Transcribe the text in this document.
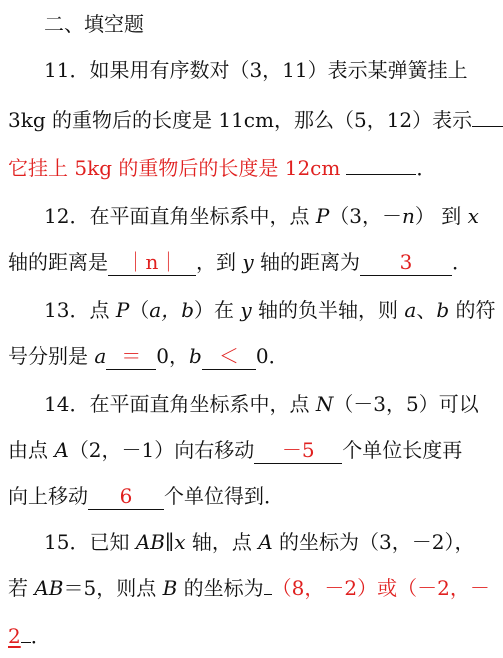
二、填空题
11．如果用有序数对（3，11）表示某弹簧挂上
3kg 的重物后的长度是 11cm，那么（5，12）表示
它挂上 5kg 的重物后的长度是 12cm	．
12．在平面直角坐标系中，点 P（3，－n） 到 x
轴的距离是 ｜n｜ ，到 y 轴的距离为 3 ．
13．点 P（a，b）在 y 轴的负半轴，则 a、b 的符
号分别是 a ＝ 0，b ＜ 0．
14．在平面直角坐标系中，点 N（－3，5）可以
由点 A（2，－1）向右移动 －5 个单位长度再
向上移动 6 个单位得到．
15．已知 AB∥x 轴，点 A 的坐标为（3，－2），
若 AB＝5，则点 B 的坐标为 （8，－2）或（－2，－
2 ．
